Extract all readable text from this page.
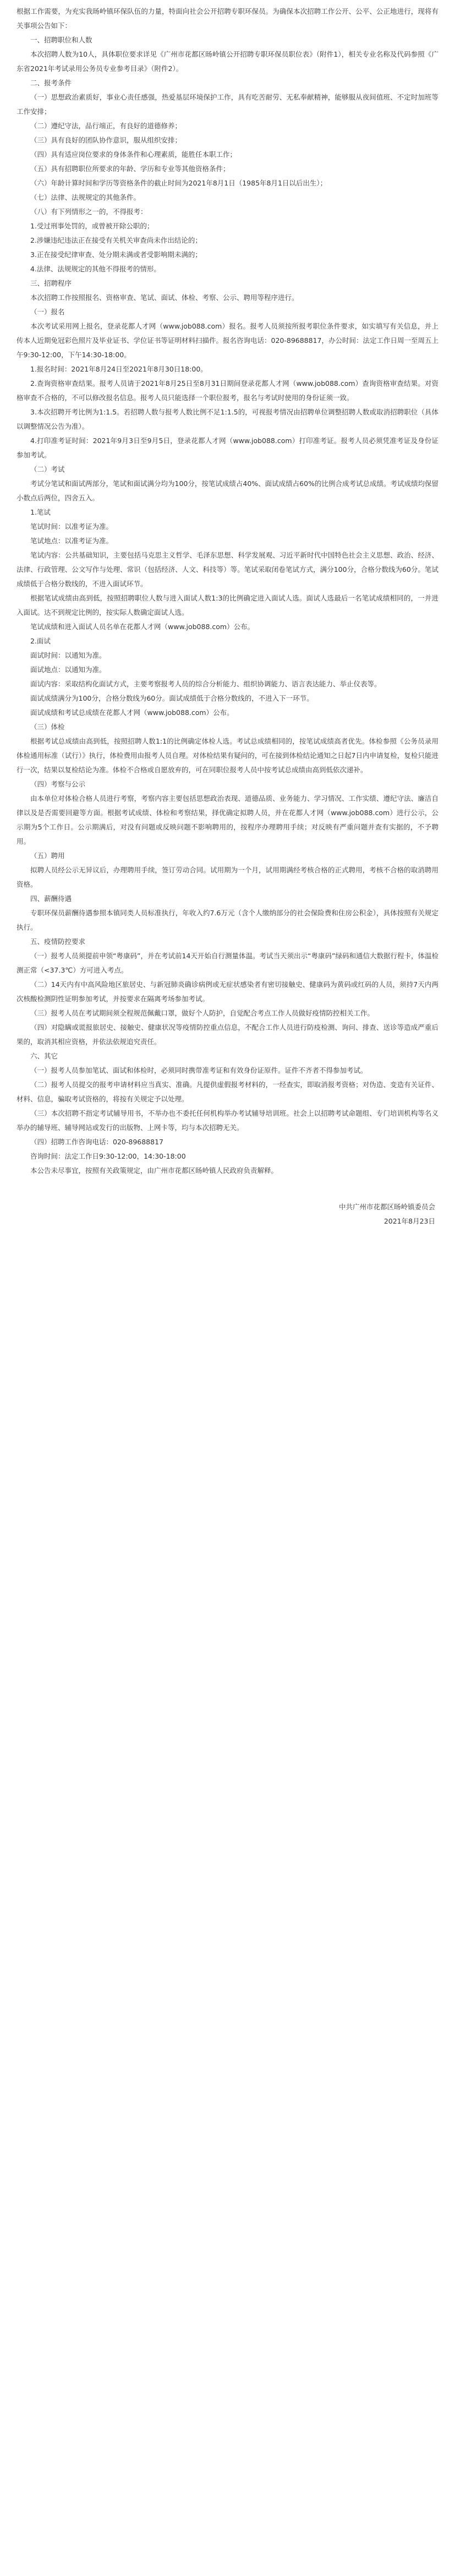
根据工作需要，为充实我旸岭镇环保队伍的力量，特面向社会公开招聘专职环保员。为确保本次招聘工作公开、公平、公正地进行，现将有关事项公告如下：

一、招聘职位和人数

本次招聘人数为10人，具体职位要求详见《广州市花都区旸岭镇公开招聘专职环保员职位表》（附件1），相关专业名称及代码参照《广东省2021年考试录用公务员专业参考目录》（附件2）。

二、报考条件

（一）思想政治素质好，事业心责任感强，热爱基层环境保护工作，具有吃苦耐劳、无私奉献精神，能够服从夜间值班、不定时加班等工作安排；

（二）遵纪守法，品行端正，有良好的道德修养；

（三）具有良好的团队协作意识，服从组织安排；

（四）具有适应岗位要求的身体条件和心理素质，能胜任本职工作；

（五）具有招聘职位所要求的年龄、学历和专业等其他资格条件；

（六）年龄计算时间和学历等资格条件的截止时间为2021年8月1日（1985年8月1日以后出生）；

（七）法律、法规规定的其他条件。

（八）有下列情形之一的，不得报考：

1.受过刑事处罚的，或曾被开除公职的；

2.涉嫌违纪违法正在接受有关机关审查尚未作出结论的；

3.正在接受纪律审查、处分期未满或者受影响期未满的；

4.法律、法规规定的其他不得报考的情形。

三、招聘程序

本次招聘工作按照报名、资格审查、笔试、面试、体检、考察、公示、聘用等程序进行。

（一）报名

本次考试采用网上报名，登录花都人才网（www.job088.com）报名。报考人员须按所报考职位条件要求，如实填写有关信息，并上传本人近期免冠彩色照片及毕业证书、学位证书等证明材料扫描件。报名咨询电话：020-89688817，办公时间：法定工作日周一至周五上午9:30-12:00，下午14:30-18:00。

1.报名时间：2021年8月24日至2021年8月30日18:00。

2.查询资格审查结果。报考人员请于2021年8月25日至8月31日期间登录花都人才网（www.job088.com）查询资格审查结果。对资格审查不合格的，不可以修改报名信息。报考人员只能选择一个职位报考，报名与考试时使用的身份证须一致。

3.本次招聘开考比例为1:1.5。若招聘人数与报考人数比例不足1:1.5的，可视报考情况由招聘单位调整招聘人数或取消招聘职位（具体以调整情况公告为准）。

4.打印准考证时间：2021年9月3日至9月5日，登录花都人才网（www.job088.com）打印准考证。报考人员必须凭准考证及身份证参加考试。

（二）考试

考试分笔试和面试两部分，笔试和面试满分均为100分，按笔试成绩占40%、面试成绩占60%的比例合成考试总成绩。考试成绩均保留小数点后两位，四舍五入。

1.笔试

笔试时间：以准考证为准。

笔试地点：以准考证为准。

笔试内容：公共基础知识，主要包括马克思主义哲学、毛泽东思想、科学发展观、习近平新时代中国特色社会主义思想、政治、经济、法律、行政管理、公文写作与处理、常识（包括经济、人文、科技等）等。笔试采取闭卷笔试方式，满分100分，合格分数线为60分。笔试成绩低于合格分数线的，不进入面试环节。

根据笔试成绩由高到低，按照招聘职位人数与进入面试人数1:3的比例确定进入面试人选。面试人选最后一名笔试成绩相同的，一并进入面试。达不到规定比例的，按实际人数确定面试人选。

笔试成绩和进入面试人员名单在花都人才网（www.job088.com）公布。

2.面试

面试时间：以通知为准。

面试地点：以通知为准。

面试内容：采取结构化面试方式，主要考察报考人员的综合分析能力、组织协调能力、语言表达能力、举止仪表等。

面试成绩满分为100分，合格分数线为60分。面试成绩低于合格分数线的，不进入下一环节。

面试成绩和考试总成绩在花都人才网（www.job088.com）公布。

（三）体检

根据考试总成绩由高到低，按照招聘人数1:1的比例确定体检人选。考试总成绩相同的，按笔试成绩高者优先。体检参照《公务员录用体检通用标准（试行）》执行，体检费用由报考人员自理。对体检结果有疑问的，可在接到体检结论通知之日起7日内申请复检，复检只能进行一次，结果以复检结论为准。体检不合格或自愿放弃的，可在同职位报考人员中按考试总成绩由高到低依次递补。

（四）考察与公示

由本单位对体检合格人员进行考察，考察内容主要包括思想政治表现、道德品质、业务能力、学习情况、工作实绩、遵纪守法、廉洁自律以及是否需要回避等方面。根据考试成绩、体检和考察结果，择优确定拟聘人员，并在花都人才网（www.job088.com）进行公示，公示期为5个工作日。公示期满后，对没有问题或反映问题不影响聘用的，按程序办理聘用手续；对反映有严重问题并查有实据的，不予聘用。

（五）聘用

拟聘人员经公示无异议后，办理聘用手续，签订劳动合同。试用期为一个月，试用期满经考核合格的正式聘用，考核不合格的取消聘用资格。

四、薪酬待遇

专职环保员薪酬待遇参照本镇同类人员标准执行，年收入约7.6万元（含个人缴纳部分的社会保险费和住房公积金），具体按照有关规定执行。

五、疫情防控要求

（一）报考人员须提前申领“粤康码”，并在考试前14天开始自行测量体温。考试当天须出示“粤康码”绿码和通信大数据行程卡，体温检测正常（<37.3℃）方可进入考点。

（二）14天内有中高风险地区旅居史、与新冠肺炎确诊病例或无症状感染者有密切接触史、健康码为黄码或红码的人员，须持7天内两次核酸检测阴性证明参加考试，并按要求在隔离考场参加考试。

（三）报考人员在考试期间须全程规范佩戴口罩，做好个人防护，自觉配合考点工作人员做好疫情防控相关工作。

（四）对隐瞒或谎报旅居史、接触史、健康状况等疫情防控重点信息，不配合工作人员进行防疫检测、询问、排查、送诊等造成严重后果的，取消其相应资格，并依法依规追究责任。

六、其它

（一）报考人员参加笔试、面试和体检时，必须同时携带准考证和有效身份证原件。证件不齐者不得参加考试。

（二）报考人员提交的报考申请材料应当真实、准确。凡提供虚假报考材料的，一经查实，即取消报考资格；对伪造、变造有关证件、材料、信息，骗取考试资格的，将按有关规定予以处理。

（三）本次招聘不指定考试辅导用书，不举办也不委托任何机构举办考试辅导培训班。社会上以招聘考试命题组、专门培训机构等名义举办的辅导班、辅导网站或发行的出版物、上网卡等，均与本次招聘无关。

（四）招聘工作咨询电话：020-89688817

咨询时间：法定工作日9:30-12:00，14:30-18:00

本公告未尽事宜，按照有关政策规定，由广州市花都区旸岭镇人民政府负责解释。

中共广州市花都区旸岭镇委员会

2021年8月23日
